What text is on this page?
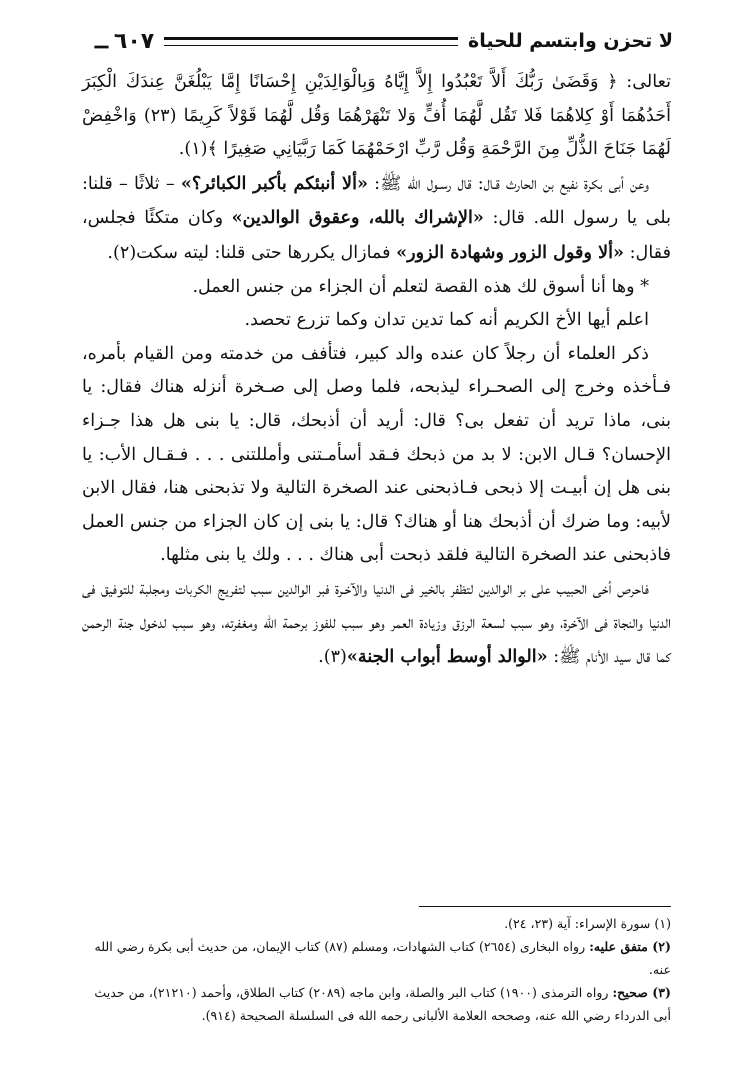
لا تحزن وابتسم للحياة
٦٠٧
ــ

تعالى: ﴿ وَقَضَىٰ رَبُّكَ أَلاَّ تَعْبُدُوا إِلاَّ إِيَّاهُ وَبِالْوَالِدَيْنِ إِحْسَانًا إِمَّا يَبْلُغَنَّ عِندَكَ الْكِبَرَ أَحَدُهُمَا أَوْ كِلاهُمَا فَلا تَقُل لَّهُمَا أُفٍّ وَلا تَنْهَرْهُمَا وَقُل لَّهُمَا قَوْلاً كَرِيمًا (٢٣) وَاخْفِضْ لَهُمَا جَنَاحَ الذُّلِّ مِنَ الرَّحْمَةِ وَقُل رَّبِّ ارْحَمْهُمَا كَمَا رَبَّيَانِي صَغِيرًا ﴾(١).

وعن أبى بكرة نفيع بن الحارث قـال: قال رسـول الله ﷺ: «ألا أنبئكم بأكبر الكبائر؟» – ثلاثًا – قلنا: بلى يا رسول الله. قال: «الإشراك بالله، وعقوق الوالدين» وكان متكئًا فجلس، فقال: «ألا وقول الزور وشهادة الزور» فمازال يكررها حتى قلنا: ليته سكت(٢).

* وها أنا أسوق لك هذه القصة لتعلم أن الجزاء من جنس العمل.

اعلم أيها الأخ الكريم أنه كما تدين تدان وكما تزرع تحصد.

ذكر العلماء أن رجلاً كان عنده والد كبير، فتأفف من خدمته ومن القيام بأمره، فـأخذه وخرج إلى الصحـراء ليذبحه، فلما وصل إلى صـخرة أنزله هناك فقال: يا بنى، ماذا تريد أن تفعل بى؟ قال: أريد أن أذبحك، قال: يا بنى هل هذا جـزاء الإحسان؟ قـال الابن: لا بد من ذبحك فـقد أسأمـتنى وأمللتنى . . . فـقـال الأب: يا بنى هل إن أبيـت إلا ذبحى فـاذبحنى عند الصخرة التالية ولا تذبحنى هنا، فقال الابن لأبيه: وما ضرك أن أذبحك هنا أو هناك؟ قال: يا بنى إن كان الجزاء من جنس العمل فاذبحنى عند الصخرة التالية فلقد ذبحت أبى هناك . . . ولك يا بنى مثلها.

فاحرص أخى الحبيب على بر الوالدين لتظفر بالخير فى الدنيا والآخـرة فبر الوالدين سبب لتفريج الكربات ومجلبة للتوفيق فى الدنيا والنجاة فى الآخرة، وهو سبب لسعة الرزق وزيادة العمر وهو سبب للفوز برحمة الله ومغفرته، وهو سبب لدخول جنة الرحمن كما قال سيد الأنام ﷺ: «الوالد أوسط أبواب الجنة»(٣).

(١) سورة الإسراء: آية (٢٣، ٢٤).

(٢) متفق عليه: رواه البخارى (٢٦٥٤) كتاب الشهادات، ومسلم (٨٧) كتاب الإيمان، من حديث أبى بكرة رضي الله عنه.

(٣) صحيح: رواه الترمذى (١٩٠٠) كتاب البر والصلة، وابن ماجه (٢٠٨٩) كتاب الطلاق، وأحمد (٢١٢١٠)، من حديث أبى الدرداء رضي الله عنه، وصححه العلامة الألبانى رحمه الله فى السلسلة الصحيحة (٩١٤).
